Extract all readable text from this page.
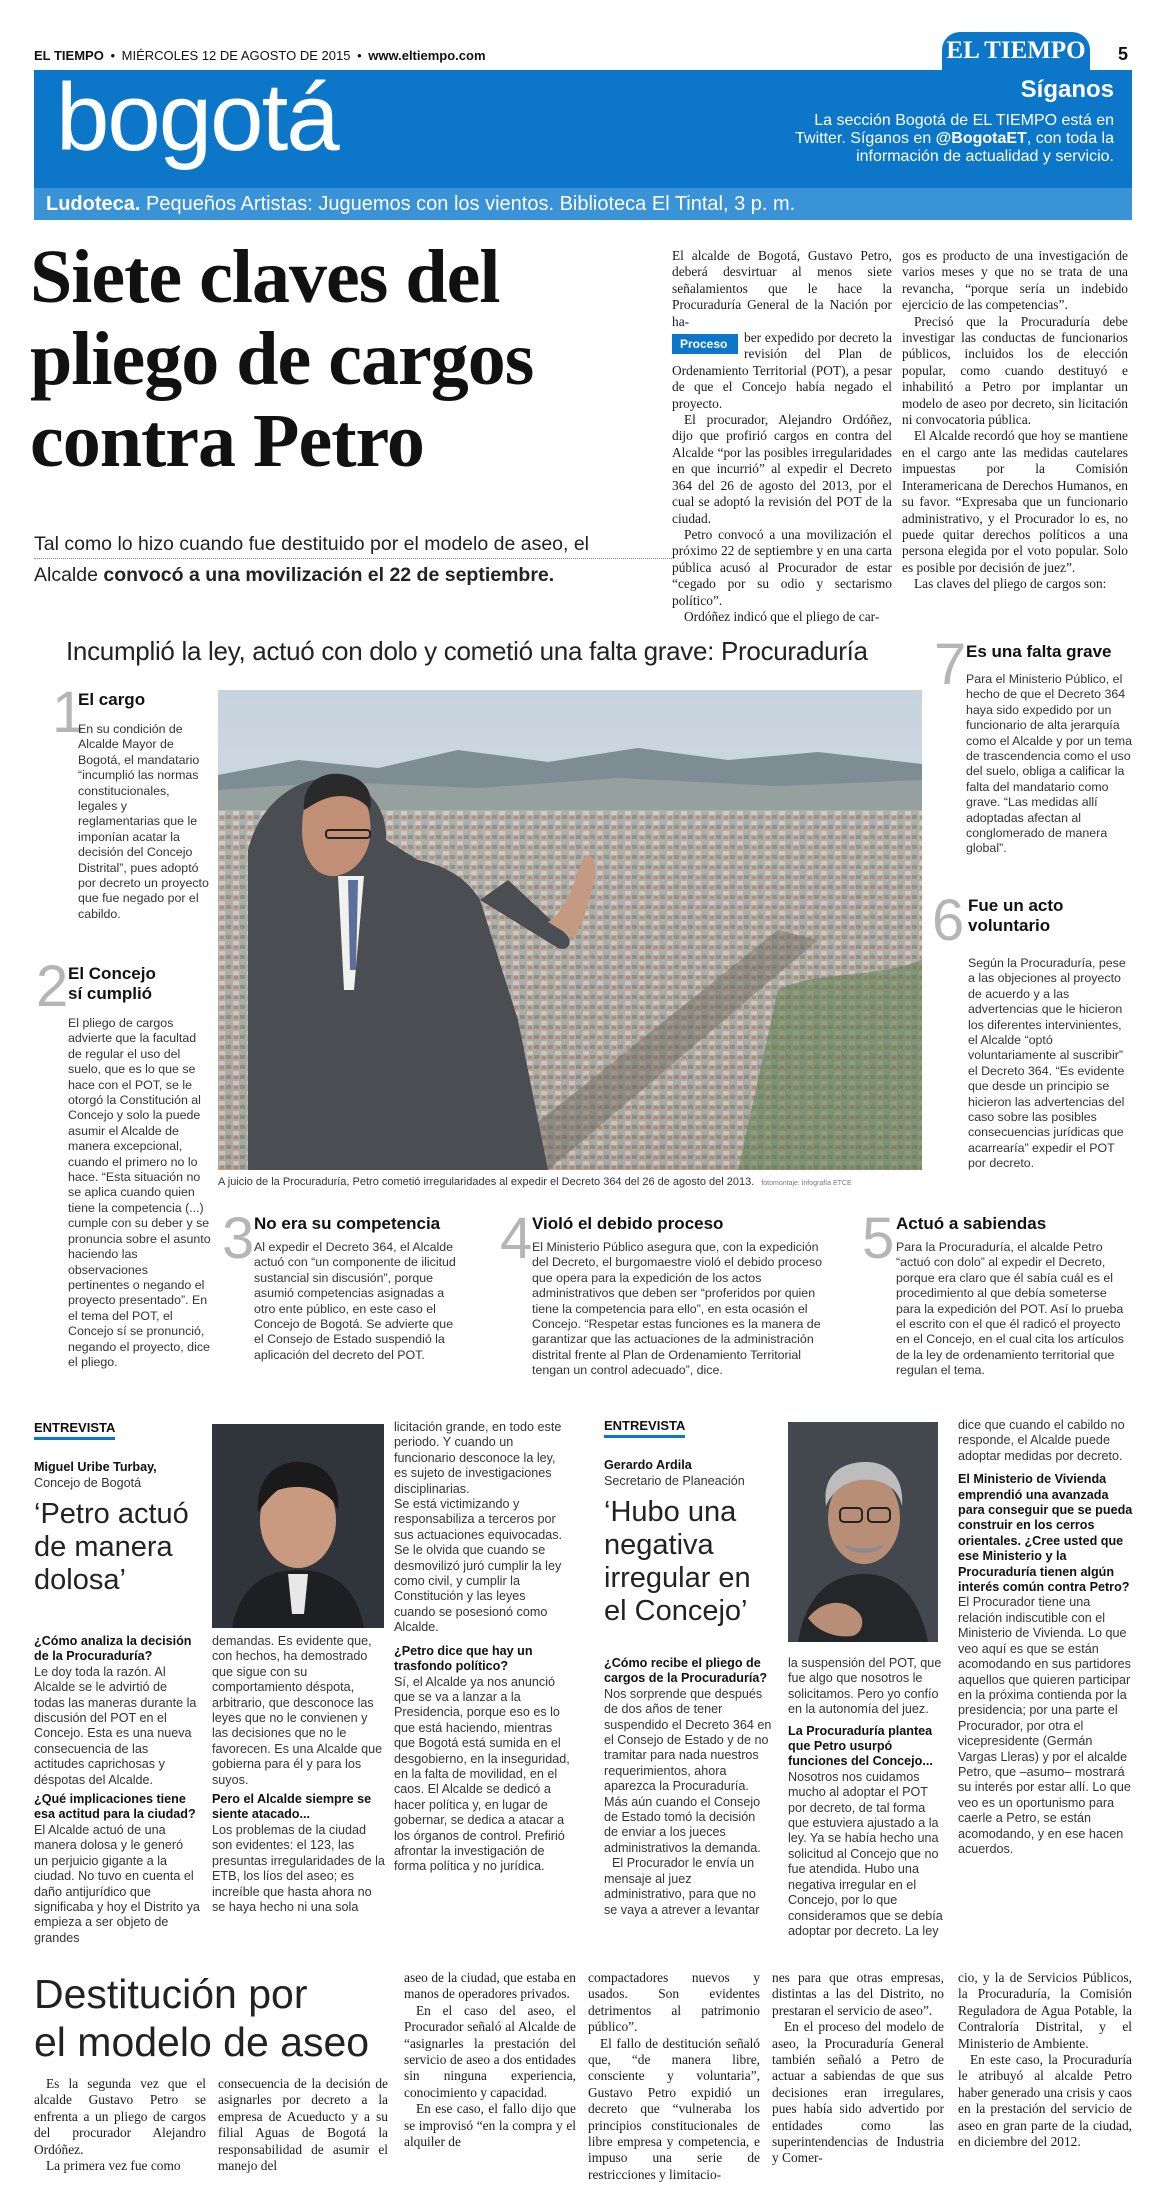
EL TIEMPO • MIÉRCOLES 12 DE AGOSTO DE 2015 • www.eltiempo.com	EL TIEMPO 5
bogotá	Síganos
La sección Bogotá de EL TIEMPO está en
Twitter. Síganos en @BogotaET, con toda la
información de actualidad y servicio.
Ludoteca. Pequeños Artistas: Juguemos con los vientos. Biblioteca El Tintal, 3 p. m.
Siete claves del
pliego de cargos
contra Petro
Tal como lo hizo cuando fue destituido por el modelo de aseo, el
Alcalde convocó a una movilización el 22 de septiembre.

El alcalde de Bogotá, Gustavo Petro, deberá desvirtuar al menos siete señalamientos que le hace la Procuraduría General de la Nación por ha-

Proceso	ber expedido por decreto la revisión del Plan de Ordenamiento Territorial (POT), a pesar de que el Concejo había negado el proyecto.

El procurador, Alejandro Ordóñez, dijo que profirió cargos en contra del Alcalde “por las posibles irregularidades en que incurrió” al expedir el Decreto 364 del 26 de agosto del 2013, por el cual se adoptó la revisión del POT de la ciudad.

Petro convocó a una movilización el próximo 22 de septiembre y en una carta pública acusó al Procurador de estar “cegado por su odio y sectarismo político”.

Ordóñez indicó que el pliego de car-

gos es producto de una investigación de varios meses y que no se trata de una revancha, “porque sería un indebido ejercicio de las competencias”.

Precisó que la Procuraduría debe investigar las conductas de funcionarios públicos, incluidos los de elección popular, como cuando destituyó e inhabilitó a Petro por implantar un modelo de aseo por decreto, sin licitación ni convocatoria pública.

El Alcalde recordó que hoy se mantiene en el cargo ante las medidas cautelares impuestas por la Comisión Interamericana de Derechos Humanos, en su favor. “Expresaba que un funcionario administrativo, y el Procurador lo es, no puede quitar derechos políticos a una persona elegida por el voto popular. Solo es posible por decisión de juez”.

Las claves del pliego de cargos son:

Incumplió la ley, actuó con dolo y cometió una falta grave: Procuraduría
A juicio de la Procuraduría, Petro cometió irregularidades al expedir el Decreto 364 del 26 de agosto del 2013. fotomontaje: infografía ETCE
1
El cargo
En su condición de Alcalde Mayor de Bogotá, el mandatario “incumplió las normas constitucionales, legales y reglamentarias que le imponían acatar la decisión del Concejo Distrital”, pues adoptó por decreto un proyecto que fue negado por el cabildo.
2 El Concejo
sí cumplió
El pliego de cargos advierte que la facultad de regular el uso del suelo, que es lo que se hace con el POT, se le otorgó la Constitución al Concejo y solo la puede asumir el Alcalde de manera excepcional, cuando el primero no lo hace. “Esta situación no se aplica cuando quien tiene la competencia (...) cumple con su deber y se pronuncia sobre el asunto haciendo las observaciones pertinentes o negando el proyecto presentado”. En el tema del POT, el Concejo sí se pronunció, negando el proyecto, dice el pliego.
3 No era su competencia
Al expedir el Decreto 364, el Alcalde actuó con “un componente de ilicitud sustancial sin discusión”, porque asumió competencias asignadas a otro ente público, en este caso el Concejo de Bogotá. Se advierte que el Consejo de Estado suspendió la aplicación del decreto del POT.
4 Violó el debido proceso
El Ministerio Público asegura que, con la expedición del Decreto, el burgomaestre violó el debido proceso que opera para la expedición de los actos administrativos que deben ser “proferidos por quien tiene la competencia para ello”, en esta ocasión el Concejo. “Respetar estas funciones es la manera de garantizar que las actuaciones de la administración distrital frente al Plan de Ordenamiento Territorial tengan un control adecuado”, dice.
5 Actuó a sabiendas
Para la Procuraduría, el alcalde Petro “actuó con dolo” al expedir el Decreto, porque era claro que él sabía cuál es el procedimiento al que debía someterse para la expedición del POT. Así lo prueba el escrito con el que él radicó el proyecto en el Concejo, en el cual cita los artículos de la ley de ordenamiento territorial que regulan el tema.
6 Fue un acto
voluntario
Según la Procuraduría, pese a las objeciones al proyecto de acuerdo y a las advertencias que le hicieron los diferentes intervinientes, el Alcalde “optó voluntariamente al suscribir” el Decreto 364. “Es evidente que desde un principio se hicieron las advertencias del caso sobre las posibles consecuencias jurídicas que acarrearía” expedir el POT por decreto.
7 Es una falta grave
Para el Ministerio Público, el hecho de que el Decreto 364 haya sido expedido por un funcionario de alta jerarquía como el Alcalde y por un tema de trascendencia como el uso del suelo, obliga a calificar la falta del mandatario como grave. “Las medidas allí adoptadas afectan al conglomerado de manera global”.
ENTREVISTA
Miguel Uribe Turbay,
Concejo de Bogotá
‘Petro actuó de manera dolosa’
¿Cómo analiza la decisión de la Procuraduría?
Le doy toda la razón. Al Alcalde se le advirtió de todas las maneras durante la discusión del POT en el Concejo. Esta es una nueva consecuencia de las actitudes caprichosas y déspotas del Alcalde.
¿Qué implicaciones tiene esa actitud para la ciudad?
El Alcalde actuó de una manera dolosa y le generó un perjuicio gigante a la ciudad. No tuvo en cuenta el daño antijurídico que significaba y hoy el Distrito ya empieza a ser objeto de grandes
demandas. Es evidente que, con hechos, ha demostrado que sigue con su comportamiento déspota, arbitrario, que desconoce las leyes que no le convienen y las decisiones que no le favorecen. Es una Alcalde que gobierna para él y para los suyos.
Pero el Alcalde siempre se siente atacado...
Los problemas de la ciudad son evidentes: el 123, las presuntas irregularidades de la ETB, los líos del aseo; es increíble que hasta ahora no se haya hecho ni una sola
licitación grande, en todo este periodo. Y cuando un funcionario desconoce la ley, es sujeto de investigaciones disciplinarias.
Se está victimizando y responsabiliza a terceros por sus actuaciones equivocadas. Se le olvida que cuando se desmovilizó juró cumplir la ley como civil, y cumplir la Constitución y las leyes cuando se posesionó como Alcalde.
¿Petro dice que hay un trasfondo político?
Sí, el Alcalde ya nos anunció que se va a lanzar a la Presidencia, porque eso es lo que está haciendo, mientras que Bogotá está sumida en el desgobierno, en la inseguridad, en la falta de movilidad, en el caos. El Alcalde se dedicó a hacer política y, en lugar de gobernar, se dedica a atacar a los órganos de control. Prefirió afrontar la investigación de forma política y no jurídica.
ENTREVISTA
Gerardo Ardila
Secretario de Planeación
‘Hubo una negativa irregular en el Concejo’
¿Cómo recibe el pliego de cargos de la Procuraduría?
Nos sorprende que después de dos años de tener suspendido el Decreto 364 en el Consejo de Estado y de no tramitar para nada nuestros requerimientos, ahora aparezca la Procuraduría. Más aún cuando el Consejo de Estado tomó la decisión de enviar a los jueces administrativos la demanda.
El Procurador le envía un mensaje al juez administrativo, para que no se vaya a atrever a levantar
la suspensión del POT, que fue algo que nosotros le solicitamos. Pero yo confío en la autonomía del juez.
La Procuraduría plantea que Petro usurpó funciones del Concejo...
Nosotros nos cuidamos mucho al adoptar el POT por decreto, de tal forma que estuviera ajustado a la ley. Ya se había hecho una solicitud al Concejo que no fue atendida. Hubo una negativa irregular en el Concejo, por lo que consideramos que se debía adoptar por decreto. La ley
dice que cuando el cabildo no responde, el Alcalde puede adoptar medidas por decreto.
El Ministerio de Vivienda emprendió una avanzada para conseguir que se pueda construir en los cerros orientales. ¿Cree usted que ese Ministerio y la Procuraduría tienen algún interés común contra Petro?
El Procurador tiene una relación indiscutible con el Ministerio de Vivienda. Lo que veo aquí es que se están acomodando en sus partidores aquellos que quieren participar en la próxima contienda por la presidencia; por una parte el Procurador, por otra el vicepresidente (Germán Vargas Lleras) y por el alcalde Petro, que –asumo– mostrará su interés por estar allí. Lo que veo es un oportunismo para caerle a Petro, se están acomodando, y en ese hacen acuerdos.
Destitución por
el modelo de aseo

Es la segunda vez que el alcalde Gustavo Petro se enfrenta a un pliego de cargos del procurador Alejandro Ordóñez.

La primera vez fue como

consecuencia de la decisión de asignarles por decreto a la empresa de Acueducto y a su filial Aguas de Bogotá la responsabilidad de asumir el manejo del

aseo de la ciudad, que estaba en manos de operadores privados.

En el caso del aseo, el Procurador señaló al Alcalde de “asignarles la prestación del servicio de aseo a dos entidades sin ninguna experiencia, conocimiento y capacidad.

En ese caso, el fallo dijo que se improvisó “en la compra y el alquiler de

compactadores nuevos y usados. Son evidentes detrimentos al patrimonio público”.

El fallo de destitución señaló que, “de manera libre, consciente y voluntaria”, Gustavo Petro expidió un decreto que “vulneraba los principios constitucionales de libre empresa y competencia, e impuso una serie de restricciones y limitacio-

nes para que otras empresas, distintas a las del Distrito, no prestaran el servicio de aseo”.

En el proceso del modelo de aseo, la Procuraduría General también señaló a Petro de actuar a sabiendas de que sus decisiones eran irregulares, pues había sido advertido por entidades como las superintendencias de Industria y Comer-

cio, y la de Servicios Públicos, la Procuraduría, la Comisión Reguladora de Agua Potable, la Contraloría Distrital, y el Ministerio de Ambiente.

En este caso, la Procuraduría le atribuyó al alcalde Petro haber generado una crisis y caos en la prestación del servicio de aseo en gran parte de la ciudad, en diciembre del 2012.
